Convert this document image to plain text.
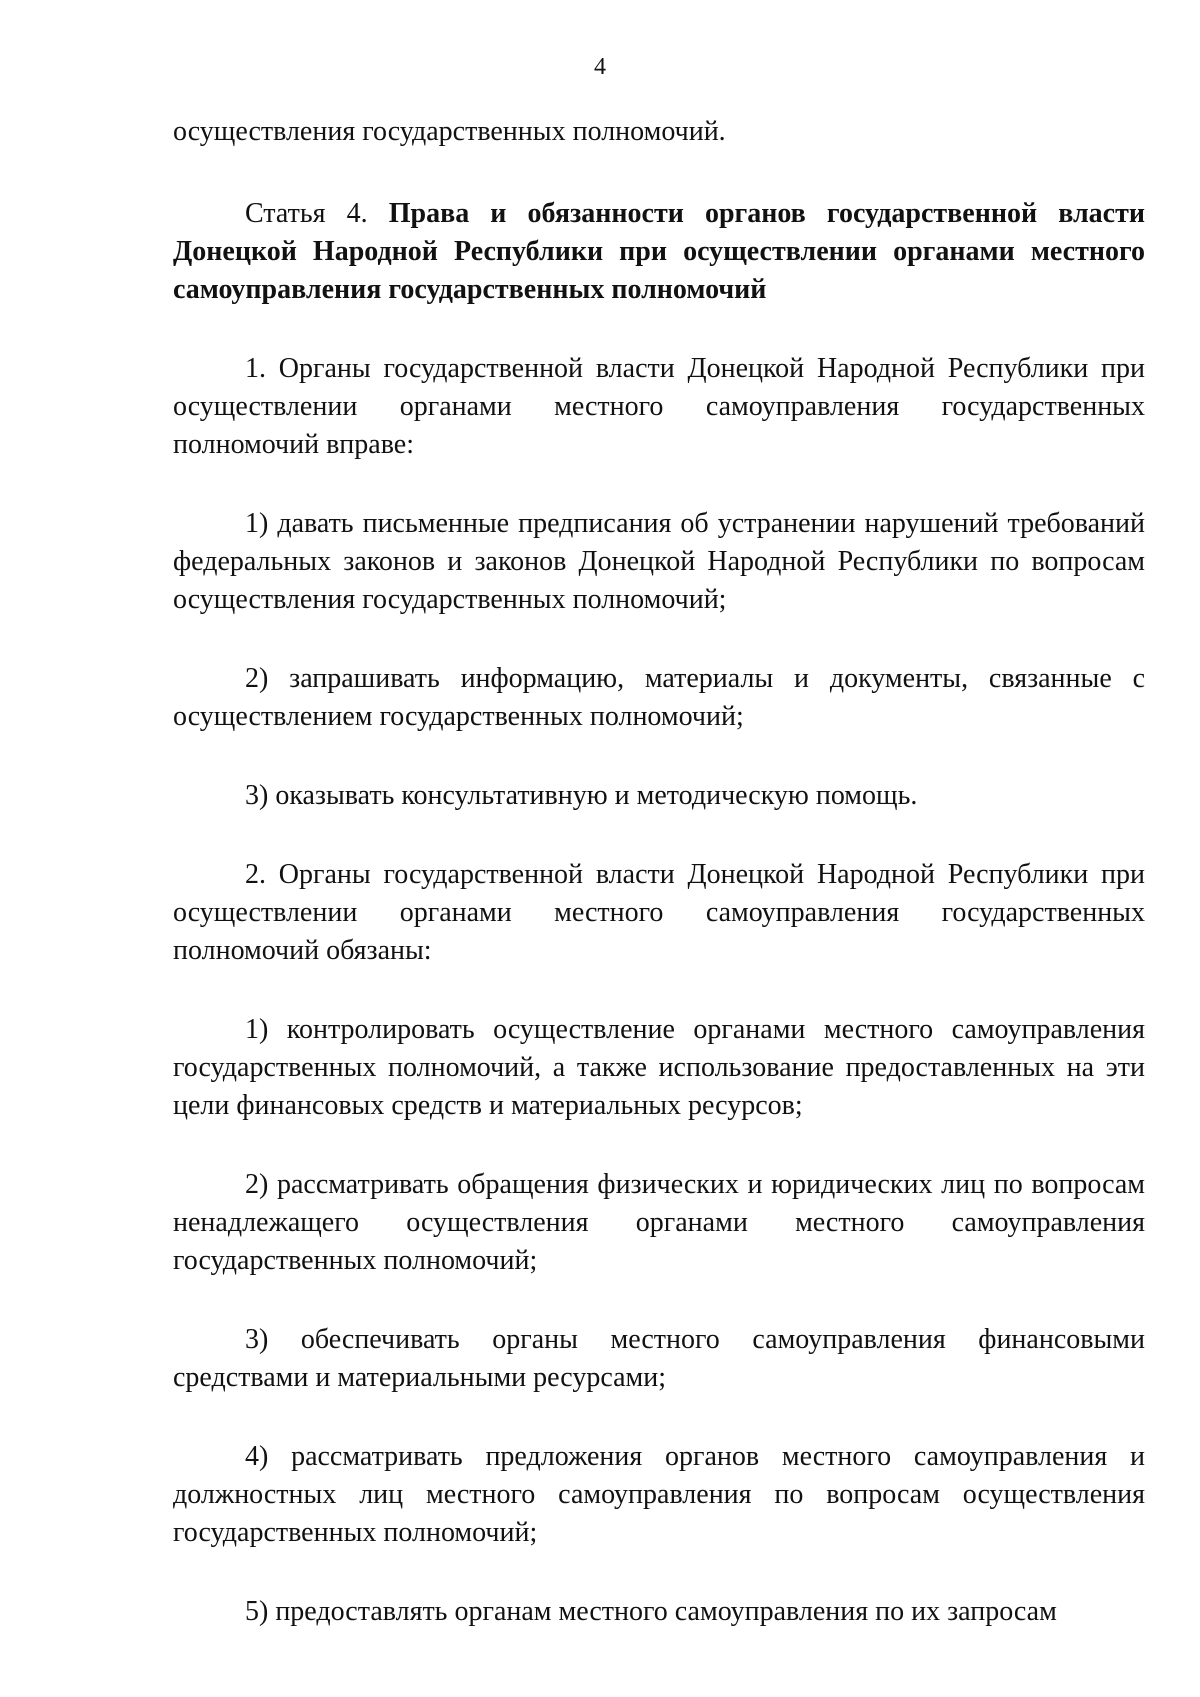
4

осуществления государственных полномочий.

Статья 4. Права и обязанности органов государственной власти Донецкой Народной Республики при осуществлении органами местного самоуправления государственных полномочий

1. Органы государственной власти Донецкой Народной Республики при осуществлении органами местного самоуправления государственных полномочий вправе:

1) давать письменные предписания об устранении нарушений требований федеральных законов и законов Донецкой Народной Республики по вопросам осуществления государственных полномочий;

2) запрашивать информацию, материалы и документы, связанные с осуществлением государственных полномочий;

3) оказывать консультативную и методическую помощь.

2. Органы государственной власти Донецкой Народной Республики при осуществлении органами местного самоуправления государственных полномочий обязаны:

1) контролировать осуществление органами местного самоуправления государственных полномочий, а также использование предоставленных на эти цели финансовых средств и материальных ресурсов;

2) рассматривать обращения физических и юридических лиц по вопросам ненадлежащего осуществления органами местного самоуправления государственных полномочий;

3) обеспечивать органы местного самоуправления финансовыми средствами и материальными ресурсами;

4) рассматривать предложения органов местного самоуправления и должностных лиц местного самоуправления по вопросам осуществления государственных полномочий;

5) предоставлять органам местного самоуправления по их запросам
